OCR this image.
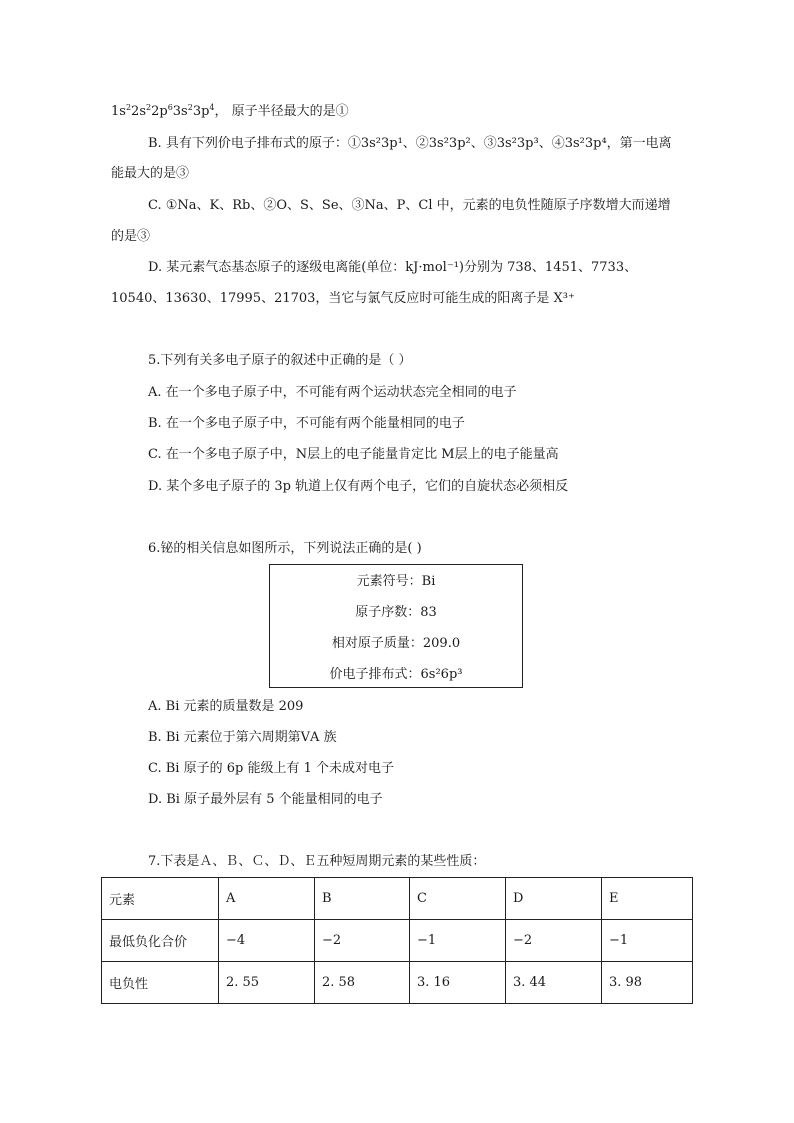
$1s^22s^22p^63s^23p^4$， 原子半径最大的是①
B. 具有下列价电子排布式的原子：①3s²3p¹、②3s²3p²、③3s²3p³、④3s²3p⁴，第一电离
能最大的是③
C. ①Na、K、Rb、②O、S、Se、③Na、P、Cl 中，元素的电负性随原子序数增大而递增
的是③
D. 某元素气态基态原子的逐级电离能(单位：kJ·mol⁻¹)分别为 738、1451、7733、
10540、13630、17995、21703，当它与氯气反应时可能生成的阳离子是 X³⁺
5.下列有关多电子原子的叙述中正确的是（ ）
A. 在一个多电子原子中，不可能有两个运动状态完全相同的电子
B. 在一个多电子原子中，不可能有两个能量相同的电子
C. 在一个多电子原子中，N层上的电子能量肯定比 M层上的电子能量高
D. 某个多电子原子的 3p 轨道上仅有两个电子，它们的自旋状态必须相反
6.铋的相关信息如图所示，下列说法正确的是( )
元素符号：Bi
原子序数：83
相对原子质量：209.0
价电子排布式：6s²6p³
A. Bi 元素的质量数是 209
B. Bi 元素位于第六周期第ⅤA 族
C. Bi 原子的 6p 能级上有 1 个未成对电子
D. Bi 原子最外层有 5 个能量相同的电子
7.下表是Ａ、Ｂ、Ｃ、Ｄ、Ｅ五种短周期元素的某些性质：
元素	A	B	C	D	E
最低负化合价	−4	−2	−1	−2	−1
电负性	2. 55	2. 58	3. 16	3. 44	3. 98
